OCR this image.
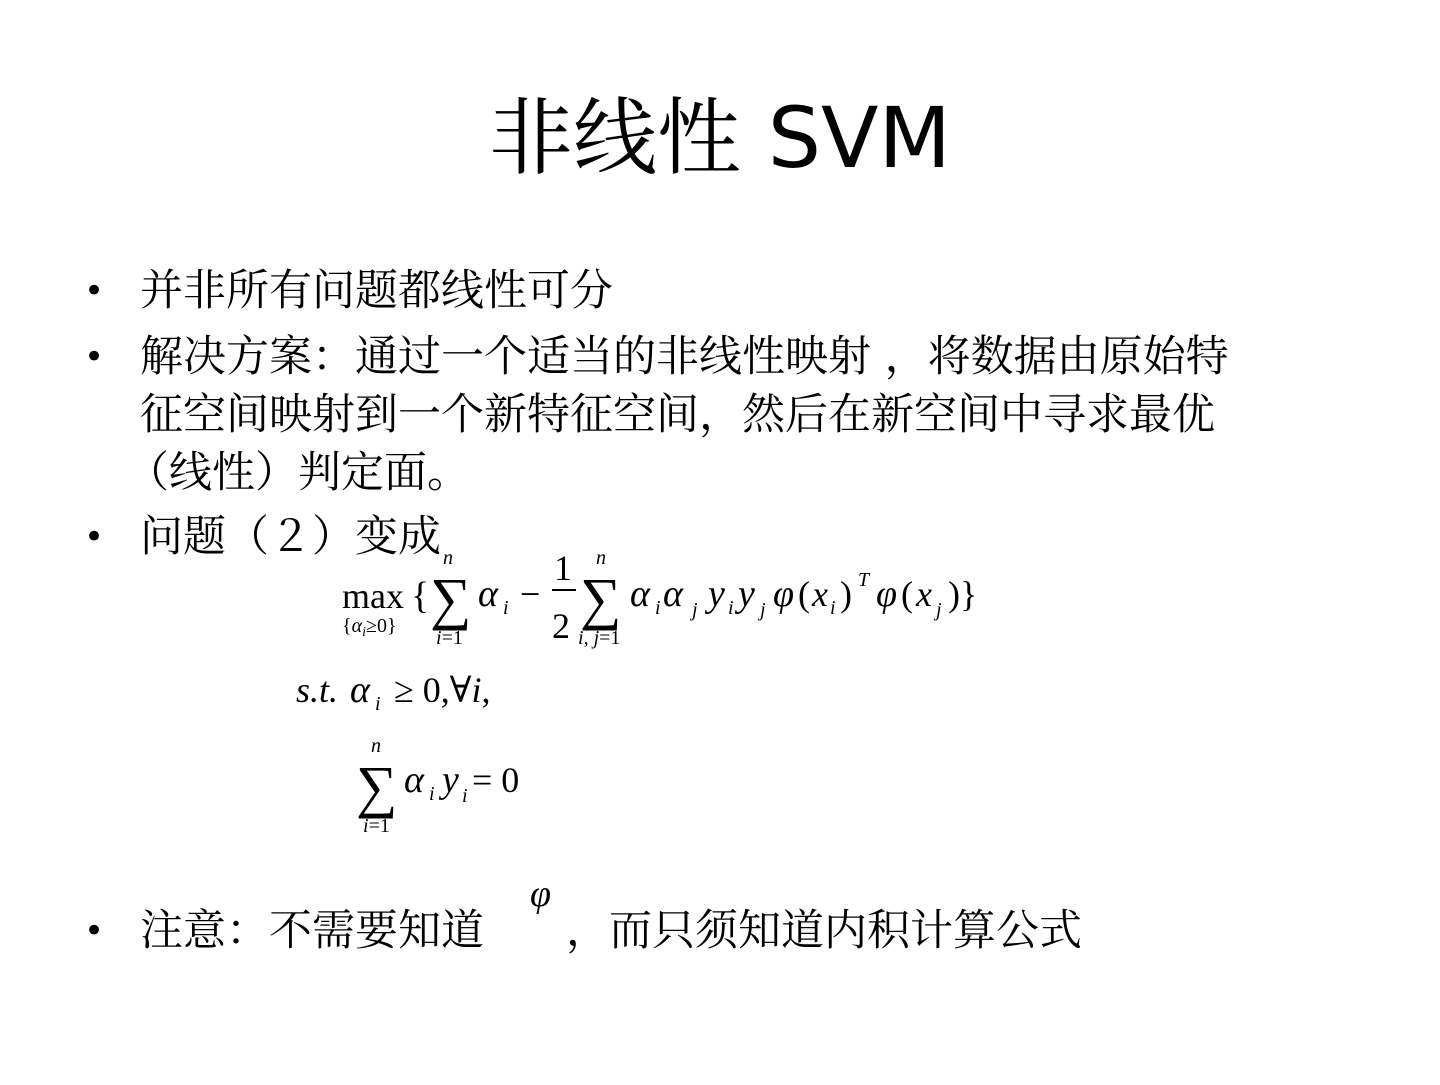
非线性 SVM
• 并非所有问题都线性可分
• 解决方案：通过一个适当的非线性映射 ，将数据由原始特
征空间映射到一个新特征空间，然后在新空间中寻求最优
（线性）判定面。
• 问题（２）变成
max
$\{\alpha_i\ge 0\}$
{
n
∑
i=1
α i −
1
2
n
∑
i, j=1
α i α j y i y j φ ( x i ) T φ ( x j )}
s.t. α i ≥ 0,∀i,
n
∑
i=1
α i y i = 0
φ
• 注意：不需要知道 ，而只须知道内积计算公式
